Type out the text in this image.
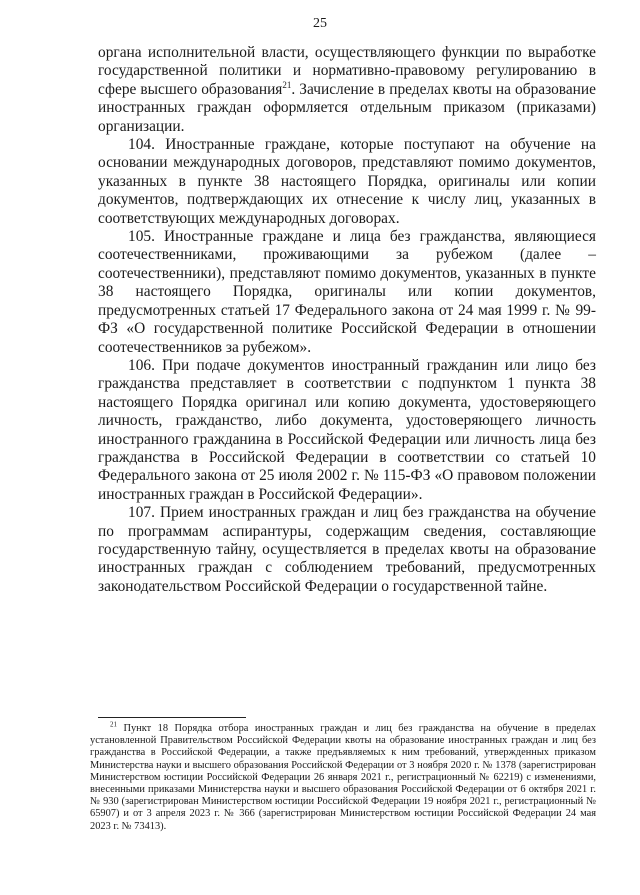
25

органа исполнительной власти, осуществляющего функции по выработке государственной политики и нормативно-правовому регулированию в сфере высшего образования$^{21}$. Зачисление в пределах квоты на образование иностранных граждан оформляется отдельным приказом (приказами) организации.

104. Иностранные граждане, которые поступают на обучение на основании международных договоров, представляют помимо документов, указанных в пункте 38 настоящего Порядка, оригиналы или копии документов, подтверждающих их отнесение к числу лиц, указанных в соответствующих международных договорах.

105. Иностранные граждане и лица без гражданства, являющиеся соотечественниками, проживающими за рубежом (далее – соотечественники), представляют помимо документов, указанных в пункте 38 настоящего Порядка, оригиналы или копии документов, предусмотренных статьей 17 Федерального закона от 24 мая 1999 г. № 99-ФЗ «О государственной политике Российской Федерации в отношении соотечественников за рубежом».

106. При подаче документов иностранный гражданин или лицо без гражданства представляет в соответствии с подпунктом 1 пункта 38 настоящего Порядка оригинал или копию документа, удостоверяющего личность, гражданство, либо документа, удостоверяющего личность иностранного гражданина в Российской Федерации или личность лица без гражданства в Российской Федерации в соответствии со статьей 10 Федерального закона от 25 июля 2002 г. № 115-ФЗ «О правовом положении иностранных граждан в Российской Федерации».

107. Прием иностранных граждан и лиц без гражданства на обучение по программам аспирантуры, содержащим сведения, составляющие государственную тайну, осуществляется в пределах квоты на образование иностранных граждан с соблюдением требований, предусмотренных законодательством Российской Федерации о государственной тайне.

$^{21}$ Пункт 18 Порядка отбора иностранных граждан и лиц без гражданства на обучение в пределах установленной Правительством Российской Федерации квоты на образование иностранных граждан и лиц без гражданства в Российской Федерации, а также предъявляемых к ним требований, утвержденных приказом Министерства науки и высшего образования Российской Федерации от 3 ноября 2020 г. № 1378 (зарегистрирован Министерством юстиции Российской Федерации 26 января 2021 г., регистрационный № 62219) с изменениями, внесенными приказами Министерства науки и высшего образования Российской Федерации от 6 октября 2021 г. № 930 (зарегистрирован Министерством юстиции Российской Федерации 19 ноября 2021 г., регистрационный № 65907) и от 3 апреля 2023 г. № 366 (зарегистрирован Министерством юстиции Российской Федерации 24 мая 2023 г. № 73413).
